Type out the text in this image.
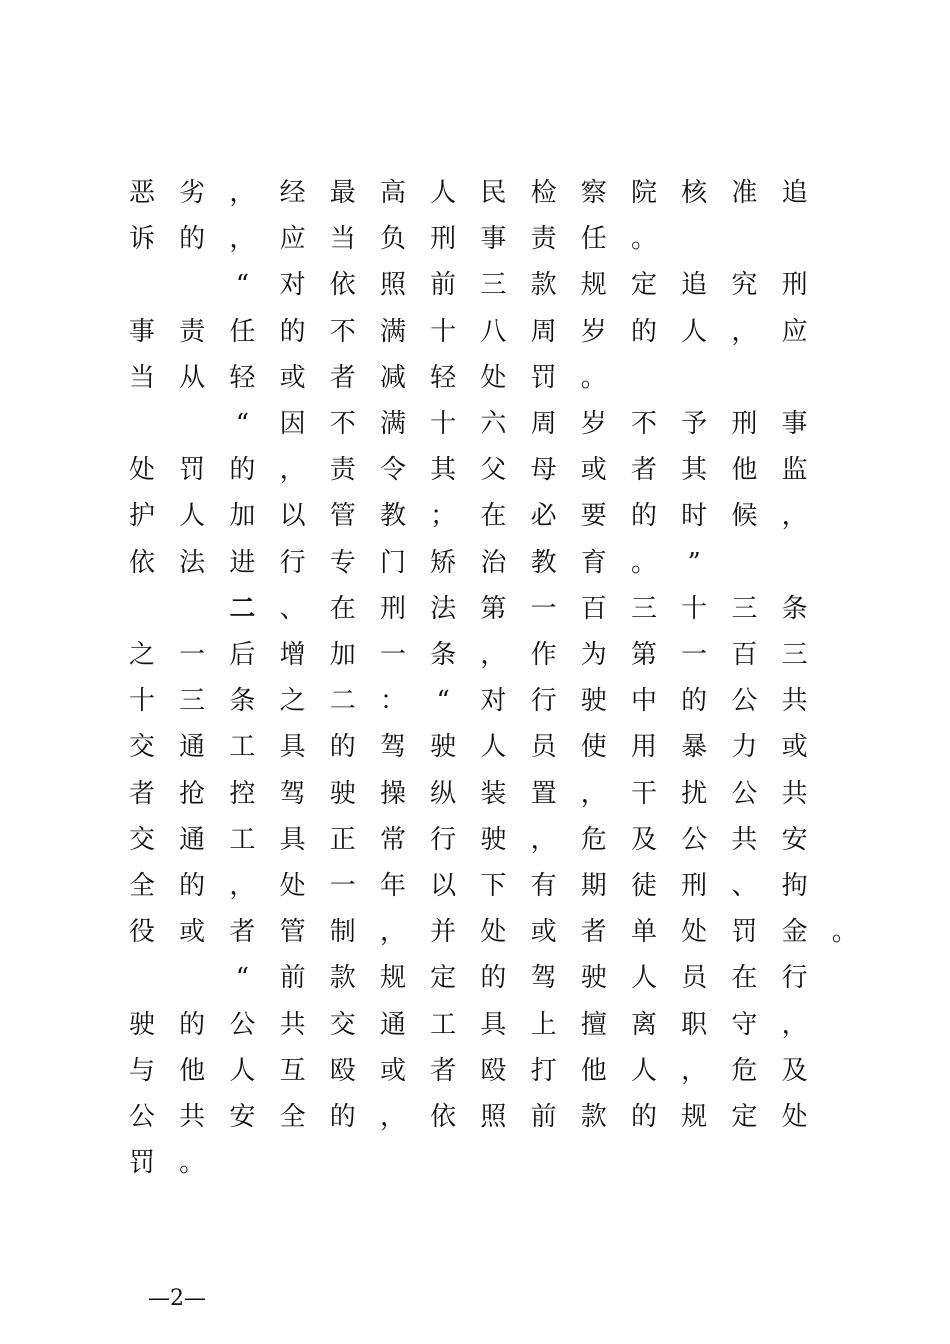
恶 劣 ， 经 最 高 人 民 检 察 院 核 准 追
诉 的 ， 应 当 负 刑 事 责 任 。
“	对 依 照 前 三 款 规 定 追 究 刑
事 责 任 的 不 满 十 八 周 岁 的 人 ， 应
当 从 轻 或 者 减 轻 处 罚 。
“	因 不 满 十 六 周 岁 不 予 刑 事
处 罚 的 ， 责 令 其 父 母 或 者 其 他 监
护 人 加 以 管 教 ； 在 必 要 的 时 候 ，
依 法 进 行 专 门 矫 治 教 育 。	”
二 、 在 刑 法 第 一 百 三 十 三 条
之 一 后 增 加 一 条 ， 作 为 第 一 百 三
十 三 条 之 二 ：	“	对 行 驶 中 的 公 共
交 通 工 具 的 驾 驶 人 员 使 用 暴 力 或
者 抢 控 驾 驶 操 纵 装 置 ， 干 扰 公 共
交 通 工 具 正 常 行 驶 ， 危 及 公 共 安
全 的 ， 处 一 年 以 下 有 期 徒 刑 、 拘
役 或 者 管 制 ， 并 处 或 者 单 处 罚 金 。
“	前 款 规 定 的 驾 驶 人 员 在 行
驶 的 公 共 交 通 工 具 上 擅 离 职 守 ，
与 他 人 互 殴 或 者 殴 打 他 人 ， 危 及
公 共 安 全 的 ， 依 照 前 款 的 规 定 处
罚 。
—2—
